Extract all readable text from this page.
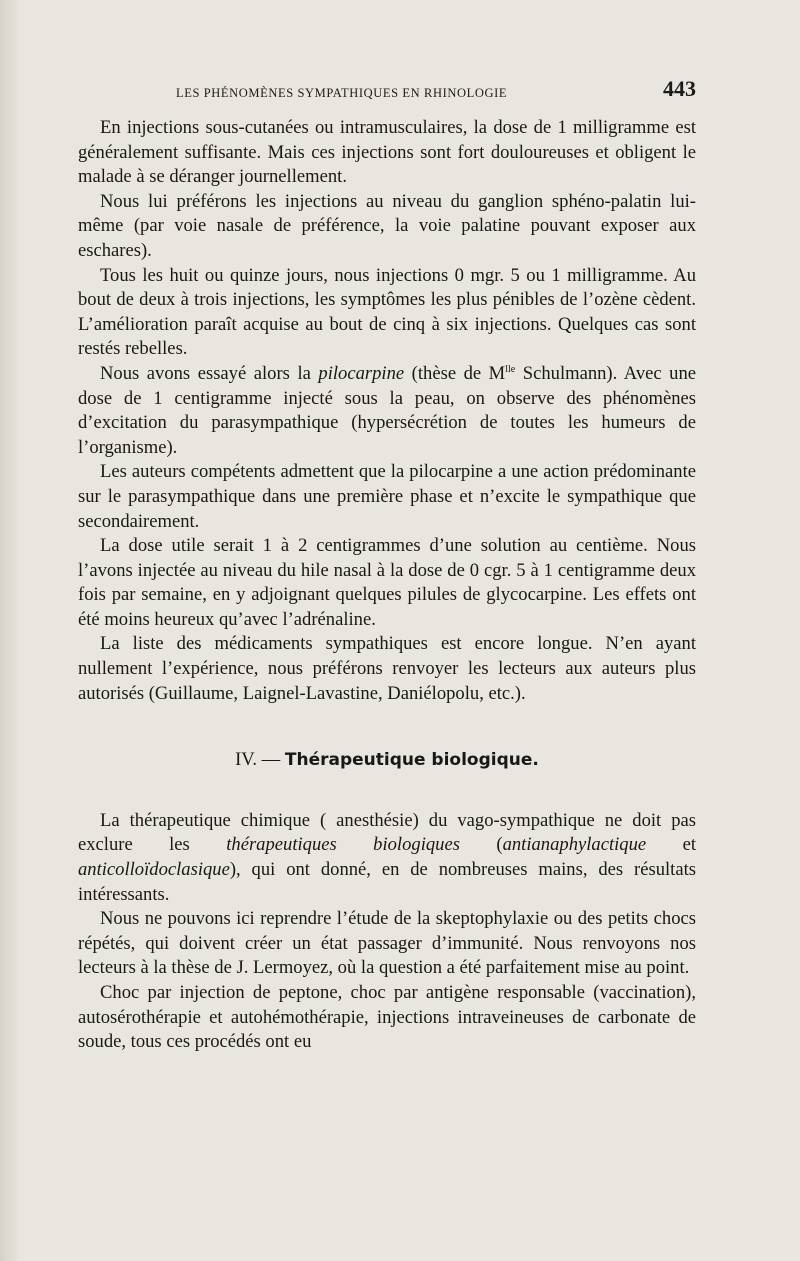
LES PHÉNOMÈNES SYMPATHIQUES EN RHINOLOGIE	443

En injections sous-cutanées ou intramusculaires, la dose de 1 milligramme est généralement suffisante. Mais ces injections sont fort douloureuses et obligent le malade à se déranger journellement.

Nous lui préférons les injections au niveau du ganglion sphéno-palatin lui-même (par voie nasale de préférence, la voie palatine pouvant exposer aux eschares).

Tous les huit ou quinze jours, nous injections 0 mgr. 5 ou 1 milligramme. Au bout de deux à trois injections, les symptômes les plus pénibles de l’ozène cèdent. L’amélioration paraît acquise au bout de cinq à six injections. Quelques cas sont restés rebelles.

Nous avons essayé alors la pilocarpine (thèse de $M^{lle}$ Schulmann). Avec une dose de 1 centigramme injecté sous la peau, on observe des phénomènes d’excitation du parasympathique (hypersécrétion de toutes les humeurs de l’organisme).

Les auteurs compétents admettent que la pilocarpine a une action prédominante sur le parasympathique dans une première phase et n’excite le sympathique que secondairement.

La dose utile serait 1 à 2 centigrammes d’une solution au centième. Nous l’avons injectée au niveau du hile nasal à la dose de 0 cgr. 5 à 1 centigramme deux fois par semaine, en y adjoignant quelques pilules de glycocarpine. Les effets ont été moins heureux qu’avec l’adrénaline.

La liste des médicaments sympathiques est encore longue. N’en ayant nullement l’expérience, nous préférons renvoyer les lecteurs aux auteurs plus autorisés (Guillaume, Laignel-Lavastine, Daniélopolu, etc.).

IV. — Thérapeutique biologique.

La thérapeutique chimique ( anesthésie) du vago-sympathique ne doit pas exclure les thérapeutiques biologiques (antianaphylactique et anticolloïdoclasique), qui ont donné, en de nombreuses mains, des résultats intéressants.

Nous ne pouvons ici reprendre l’étude de la skeptophylaxie ou des petits chocs répétés, qui doivent créer un état passager d’immunité. Nous renvoyons nos lecteurs à la thèse de J. Lermoyez, où la question a été parfaitement mise au point.

Choc par injection de peptone, choc par antigène responsable (vaccination), autosérothérapie et autohémothérapie, injections intraveineuses de carbonate de soude, tous ces procédés ont eu
